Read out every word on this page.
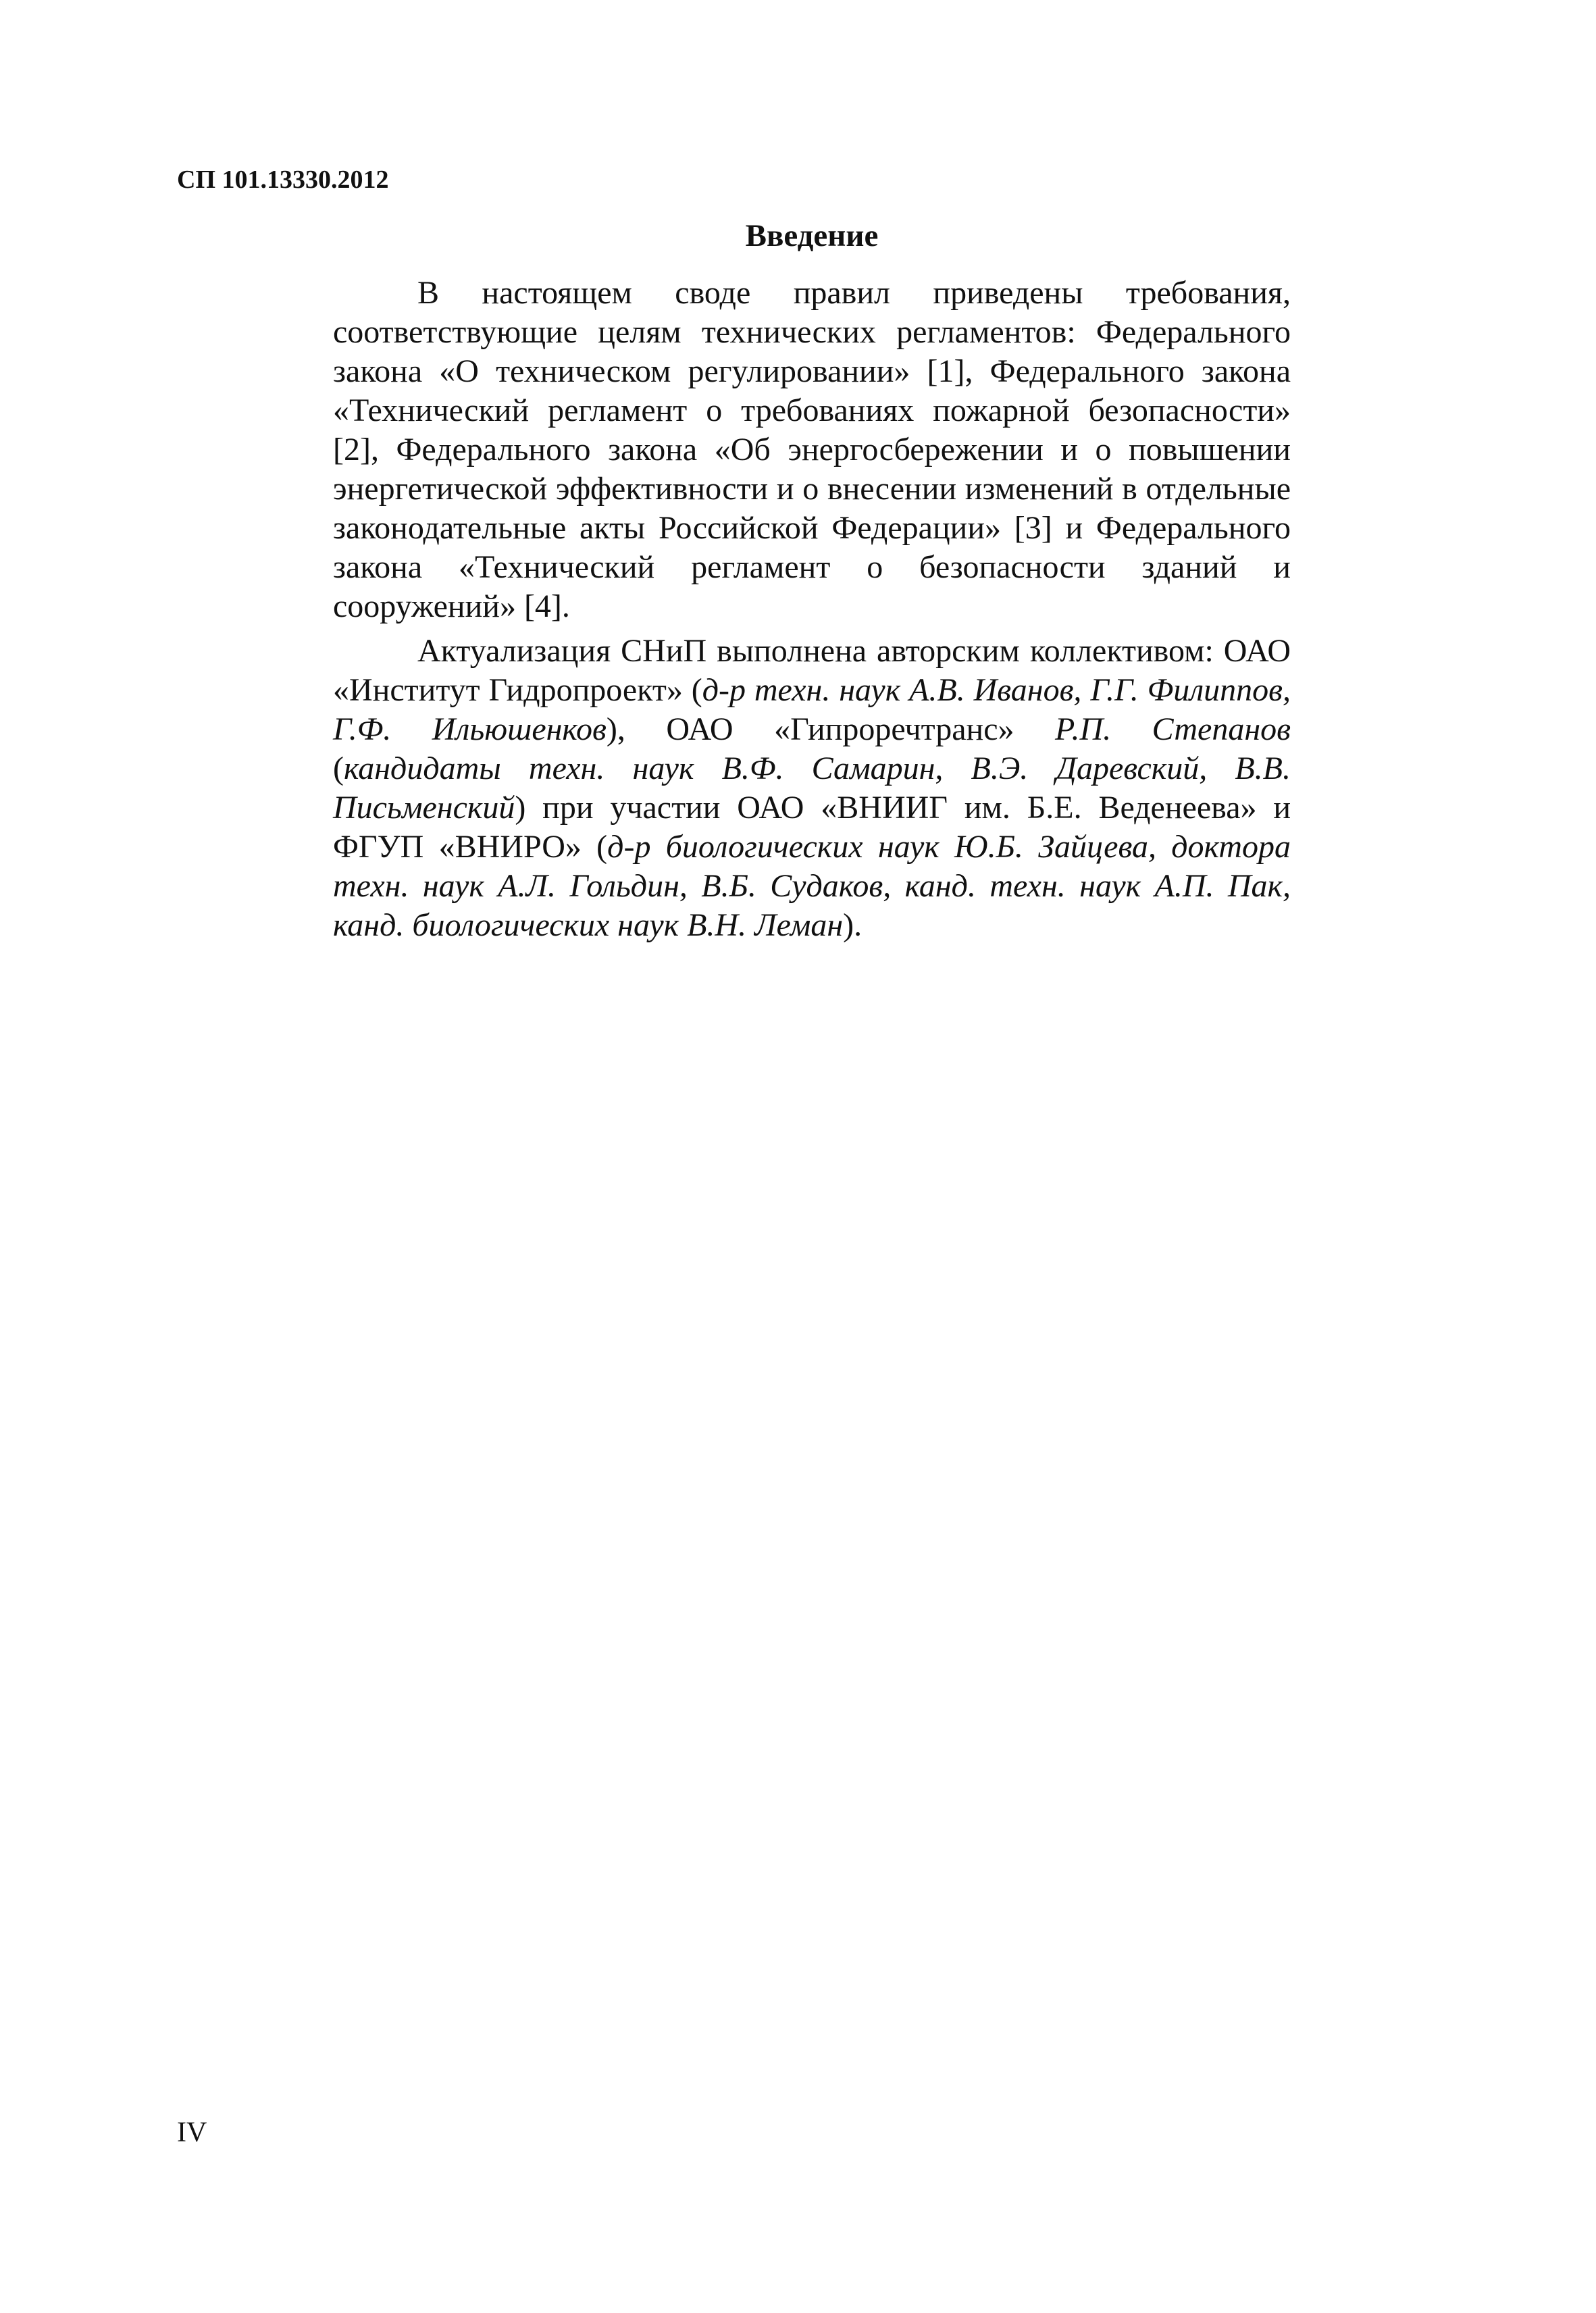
СП 101.13330.2012
Введение

В настоящем своде правил приведены требования, соответствующие целям технических регламентов: Федерального закона «О техническом регулировании» [1], Федерального закона «Технический регламент о требованиях пожарной безопасности» [2], Федерального закона «Об энергосбережении и о повышении энергетической эффективности и о внесении изменений в отдельные законодательные акты Российской Федерации» [3] и Федерального закона «Технический регламент о безопасности зданий и сооружений» [4].

Актуализация СНиП выполнена авторским коллективом: ОАО «Институт Гидропроект» (д-р техн. наук А.В. Иванов, Г.Г. Филиппов, Г.Ф. Ильюшенков), ОАО «Гипроречтранс» Р.П. Степанов (кандидаты техн. наук В.Ф. Самарин, В.Э. Даревский, В.В. Письменский) при участии ОАО «ВНИИГ им. Б.Е. Веденеева» и ФГУП «ВНИРО» (д-р биологических наук Ю.Б. Зайцева, доктора техн. наук А.Л. Гольдин, В.Б. Судаков, канд. техн. наук А.П. Пак, канд. биологических наук В.Н. Леман).

IV
